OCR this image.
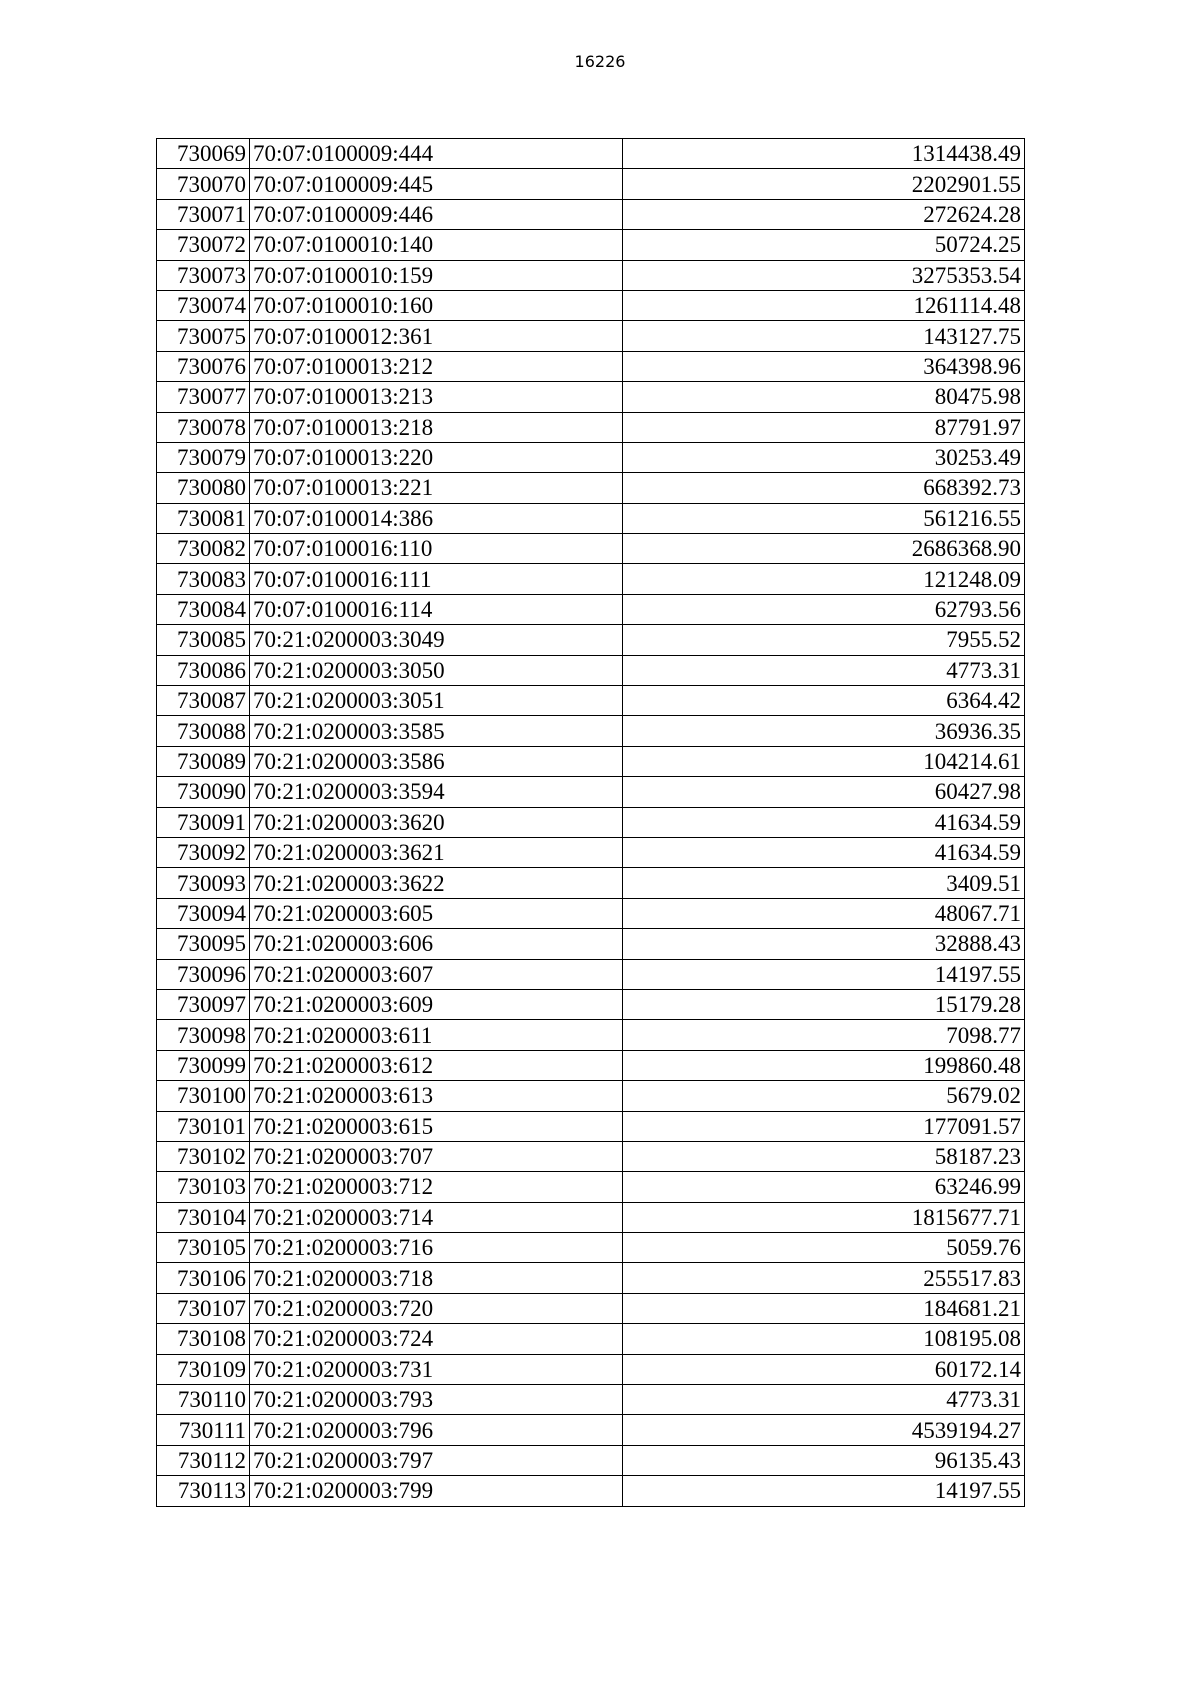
16226
730069	70:07:0100009:444	1314438.49
730070	70:07:0100009:445	2202901.55
730071	70:07:0100009:446	272624.28
730072	70:07:0100010:140	50724.25
730073	70:07:0100010:159	3275353.54
730074	70:07:0100010:160	1261114.48
730075	70:07:0100012:361	143127.75
730076	70:07:0100013:212	364398.96
730077	70:07:0100013:213	80475.98
730078	70:07:0100013:218	87791.97
730079	70:07:0100013:220	30253.49
730080	70:07:0100013:221	668392.73
730081	70:07:0100014:386	561216.55
730082	70:07:0100016:110	2686368.90
730083	70:07:0100016:111	121248.09
730084	70:07:0100016:114	62793.56
730085	70:21:0200003:3049	7955.52
730086	70:21:0200003:3050	4773.31
730087	70:21:0200003:3051	6364.42
730088	70:21:0200003:3585	36936.35
730089	70:21:0200003:3586	104214.61
730090	70:21:0200003:3594	60427.98
730091	70:21:0200003:3620	41634.59
730092	70:21:0200003:3621	41634.59
730093	70:21:0200003:3622	3409.51
730094	70:21:0200003:605	48067.71
730095	70:21:0200003:606	32888.43
730096	70:21:0200003:607	14197.55
730097	70:21:0200003:609	15179.28
730098	70:21:0200003:611	7098.77
730099	70:21:0200003:612	199860.48
730100	70:21:0200003:613	5679.02
730101	70:21:0200003:615	177091.57
730102	70:21:0200003:707	58187.23
730103	70:21:0200003:712	63246.99
730104	70:21:0200003:714	1815677.71
730105	70:21:0200003:716	5059.76
730106	70:21:0200003:718	255517.83
730107	70:21:0200003:720	184681.21
730108	70:21:0200003:724	108195.08
730109	70:21:0200003:731	60172.14
730110	70:21:0200003:793	4773.31
730111	70:21:0200003:796	4539194.27
730112	70:21:0200003:797	96135.43
730113	70:21:0200003:799	14197.55
